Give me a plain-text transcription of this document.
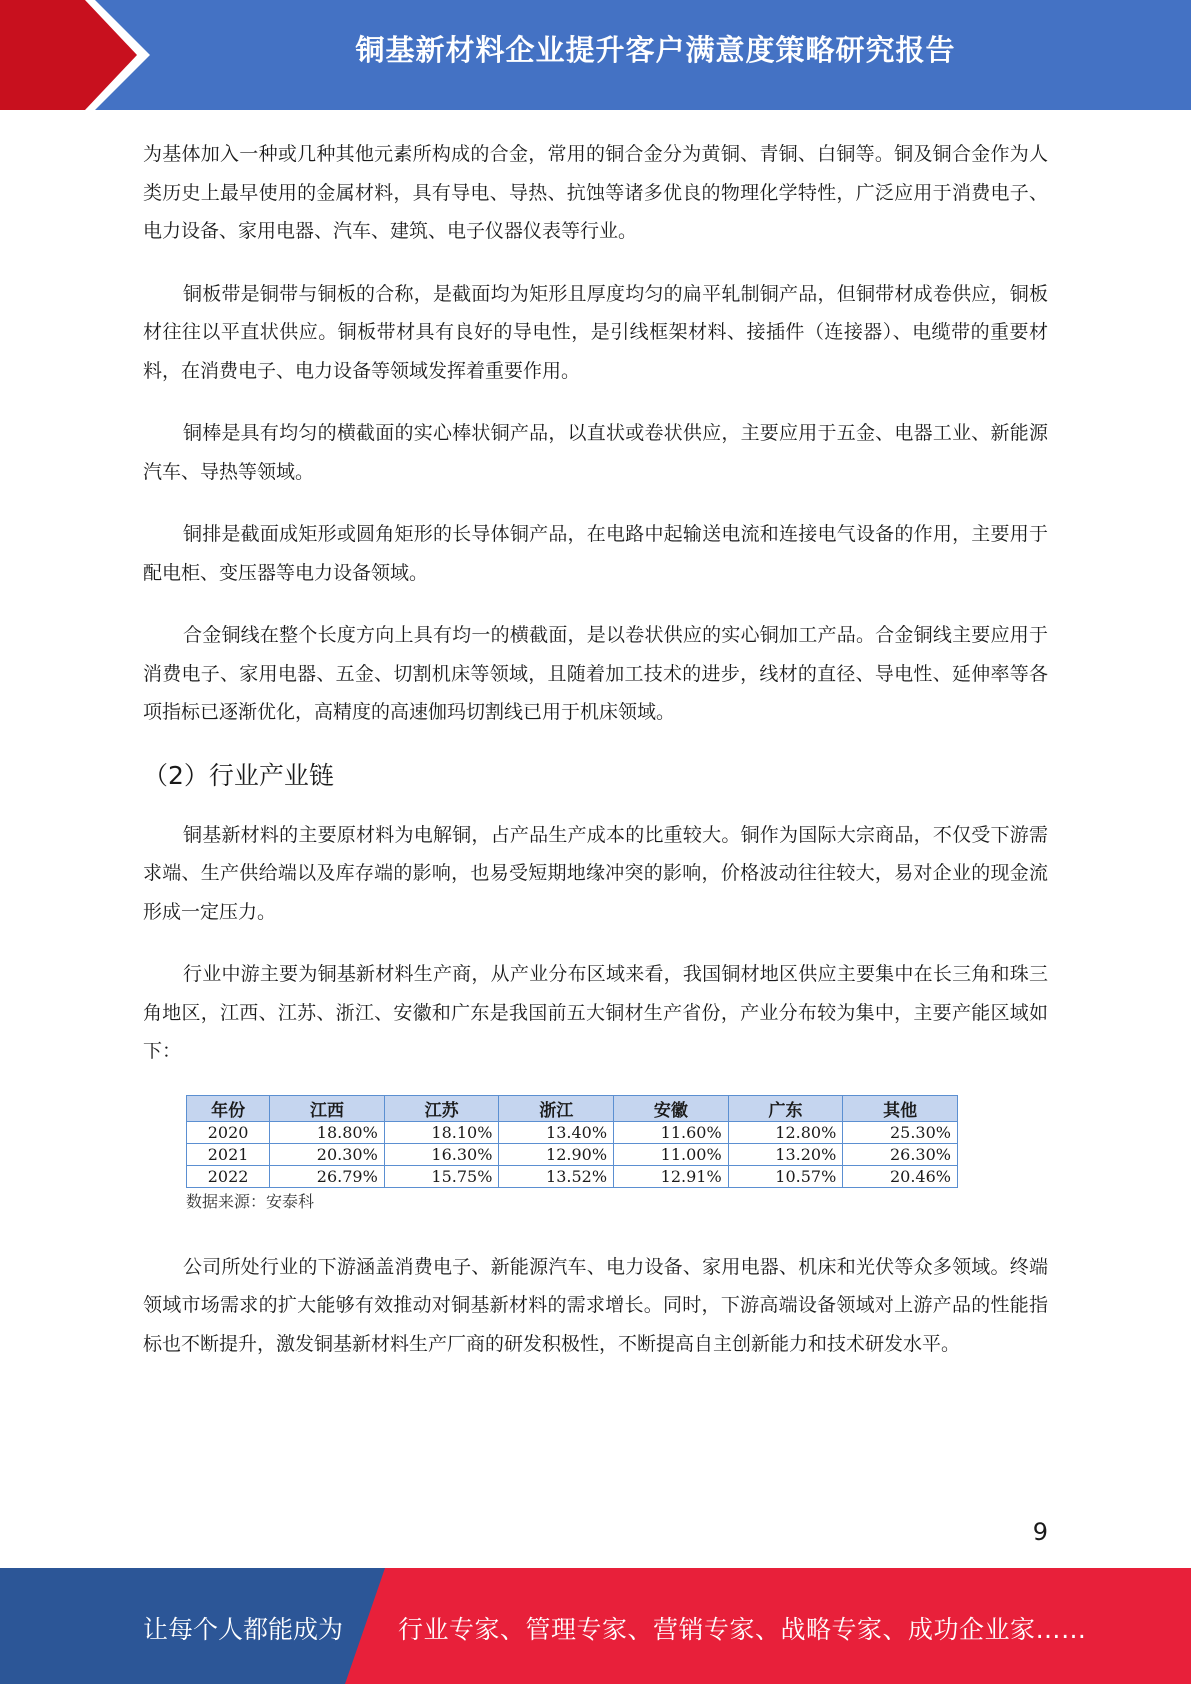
铜基新材料企业提升客户满意度策略研究报告

为基体加入一种或几种其他元素所构成的合金，常用的铜合金分为黄铜、青铜、白铜等。铜及铜合金作为人类历史上最早使用的金属材料，具有导电、导热、抗蚀等诸多优良的物理化学特性，广泛应用于消费电子、电力设备、家用电器、汽车、建筑、电子仪器仪表等行业。

铜板带是铜带与铜板的合称，是截面均为矩形且厚度均匀的扁平轧制铜产品，但铜带材成卷供应，铜板材往往以平直状供应。铜板带材具有良好的导电性，是引线框架材料、接插件（连接器）、电缆带的重要材料，在消费电子、电力设备等领域发挥着重要作用。

铜棒是具有均匀的横截面的实心棒状铜产品，以直状或卷状供应，主要应用于五金、电器工业、新能源汽车、导热等领域。

铜排是截面成矩形或圆角矩形的长导体铜产品，在电路中起输送电流和连接电气设备的作用，主要用于配电柜、变压器等电力设备领域。

合金铜线在整个长度方向上具有均一的横截面，是以卷状供应的实心铜加工产品。合金铜线主要应用于消费电子、家用电器、五金、切割机床等领域，且随着加工技术的进步，线材的直径、导电性、延伸率等各项指标已逐渐优化，高精度的高速伽玛切割线已用于机床领域。

（2）行业产业链

铜基新材料的主要原材料为电解铜，占产品生产成本的比重较大。铜作为国际大宗商品，不仅受下游需求端、生产供给端以及库存端的影响，也易受短期地缘冲突的影响，价格波动往往较大，易对企业的现金流形成一定压力。

行业中游主要为铜基新材料生产商，从产业分布区域来看，我国铜材地区供应主要集中在长三角和珠三角地区，江西、江苏、浙江、安徽和广东是我国前五大铜材生产省份，产业分布较为集中，主要产能区域如下：

年份	江西	江苏	浙江	安徽	广东	其他
2020	18.80%	18.10%	13.40%	11.60%	12.80%	25.30%
2021	20.30%	16.30%	12.90%	11.00%	13.20%	26.30%
2022	26.79%	15.75%	13.52%	12.91%	10.57%	20.46%
数据来源：安泰科

公司所处行业的下游涵盖消费电子、新能源汽车、电力设备、家用电器、机床和光伏等众多领域。终端领域市场需求的扩大能够有效推动对铜基新材料的需求增长。同时，下游高端设备领域对上游产品的性能指标也不断提升，激发铜基新材料生产厂商的研发积极性，不断提高自主创新能力和技术研发水平。

9
让每个人都能成为 行业专家、管理专家、营销专家、战略专家、成功企业家……
